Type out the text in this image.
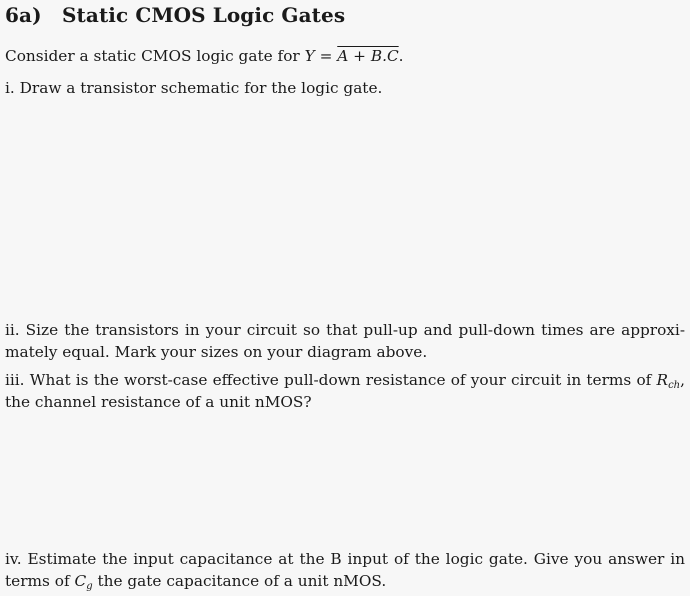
6a) Static CMOS Logic Gates
Consider a static CMOS logic gate for Y = A + B.C.
i. Draw a transistor schematic for the logic gate.
ii. Size the transistors in your circuit so that pull-up and pull-down times are approxi-
mately equal. Mark your sizes on your diagram above.
iii. What is the worst-case effective pull-down resistance of your circuit in terms of $R_{ch}$,
the channel resistance of a unit nMOS?
iv. Estimate the input capacitance at the B input of the logic gate. Give you answer in
terms of $C_g$ the gate capacitance of a unit nMOS.
